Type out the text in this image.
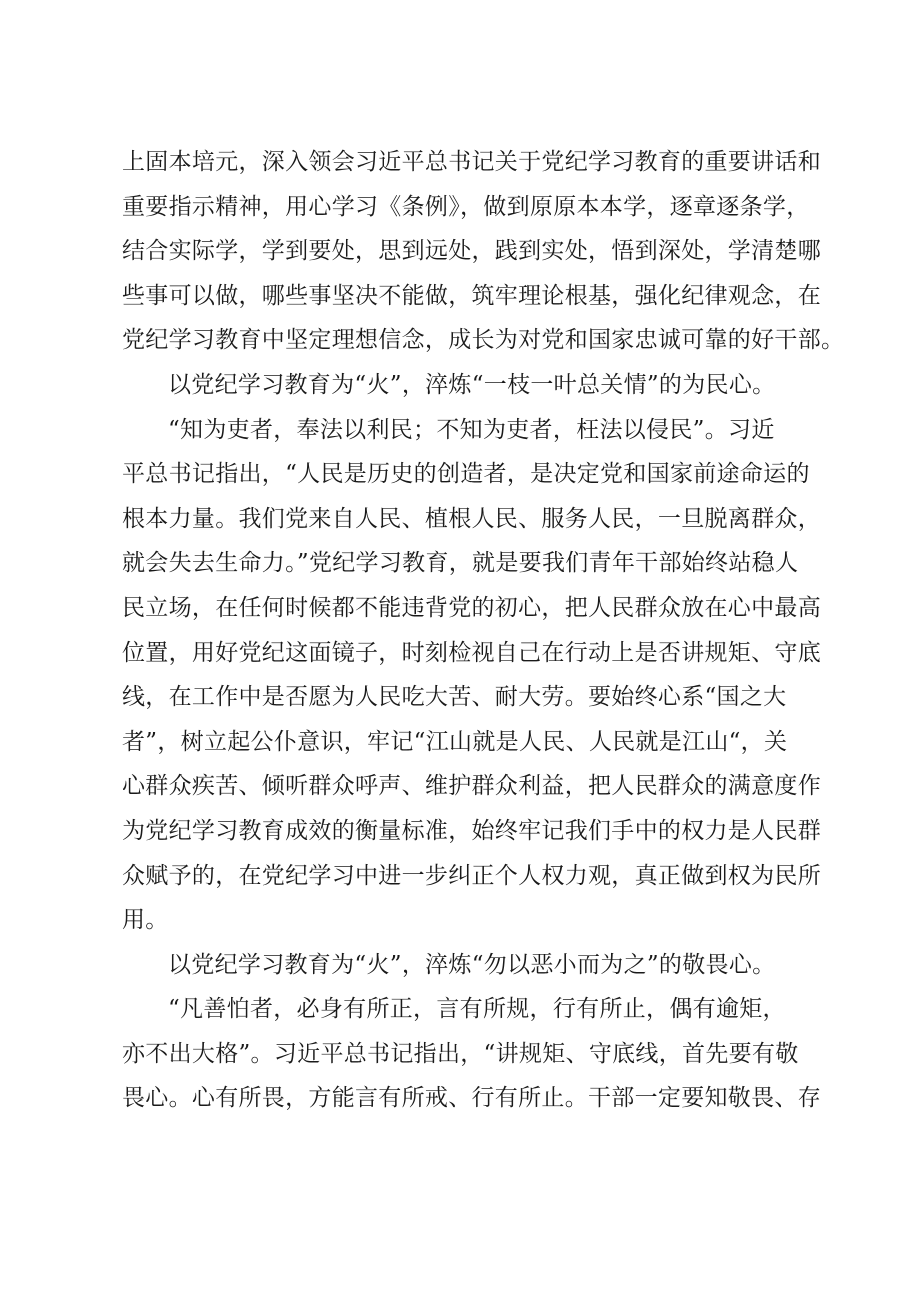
上固本培元，深入领会习近平总书记关于党纪学习教育的重要讲话和
重要指示精神，用心学习《条例》，做到原原本本学，逐章逐条学，
结合实际学，学到要处，思到远处，践到实处，悟到深处，学清楚哪
些事可以做，哪些事坚决不能做，筑牢理论根基，强化纪律观念，在
党纪学习教育中坚定理想信念，成长为对党和国家忠诚可靠的好干部。
以党纪学习教育为“火”，淬炼“一枝一叶总关情”的为民心。
“知为吏者，奉法以利民；不知为吏者，枉法以侵民”。习近
平总书记指出，“人民是历史的创造者，是决定党和国家前途命运的
根本力量。我们党来自人民、植根人民、服务人民，一旦脱离群众，
就会失去生命力。”党纪学习教育，就是要我们青年干部始终站稳人
民立场，在任何时候都不能违背党的初心，把人民群众放在心中最高
位置，用好党纪这面镜子，时刻检视自己在行动上是否讲规矩、守底
线，在工作中是否愿为人民吃大苦、耐大劳。要始终心系“国之大
者”，树立起公仆意识，牢记“江山就是人民、人民就是江山“，关
心群众疾苦、倾听群众呼声、维护群众利益，把人民群众的满意度作
为党纪学习教育成效的衡量标准，始终牢记我们手中的权力是人民群
众赋予的，在党纪学习中进一步纠正个人权力观，真正做到权为民所
用。
以党纪学习教育为“火”，淬炼“勿以恶小而为之”的敬畏心。
“凡善怕者，必身有所正，言有所规，行有所止，偶有逾矩，
亦不出大格”。习近平总书记指出，“讲规矩、守底线，首先要有敬
畏心。心有所畏，方能言有所戒、行有所止。干部一定要知敬畏、存
